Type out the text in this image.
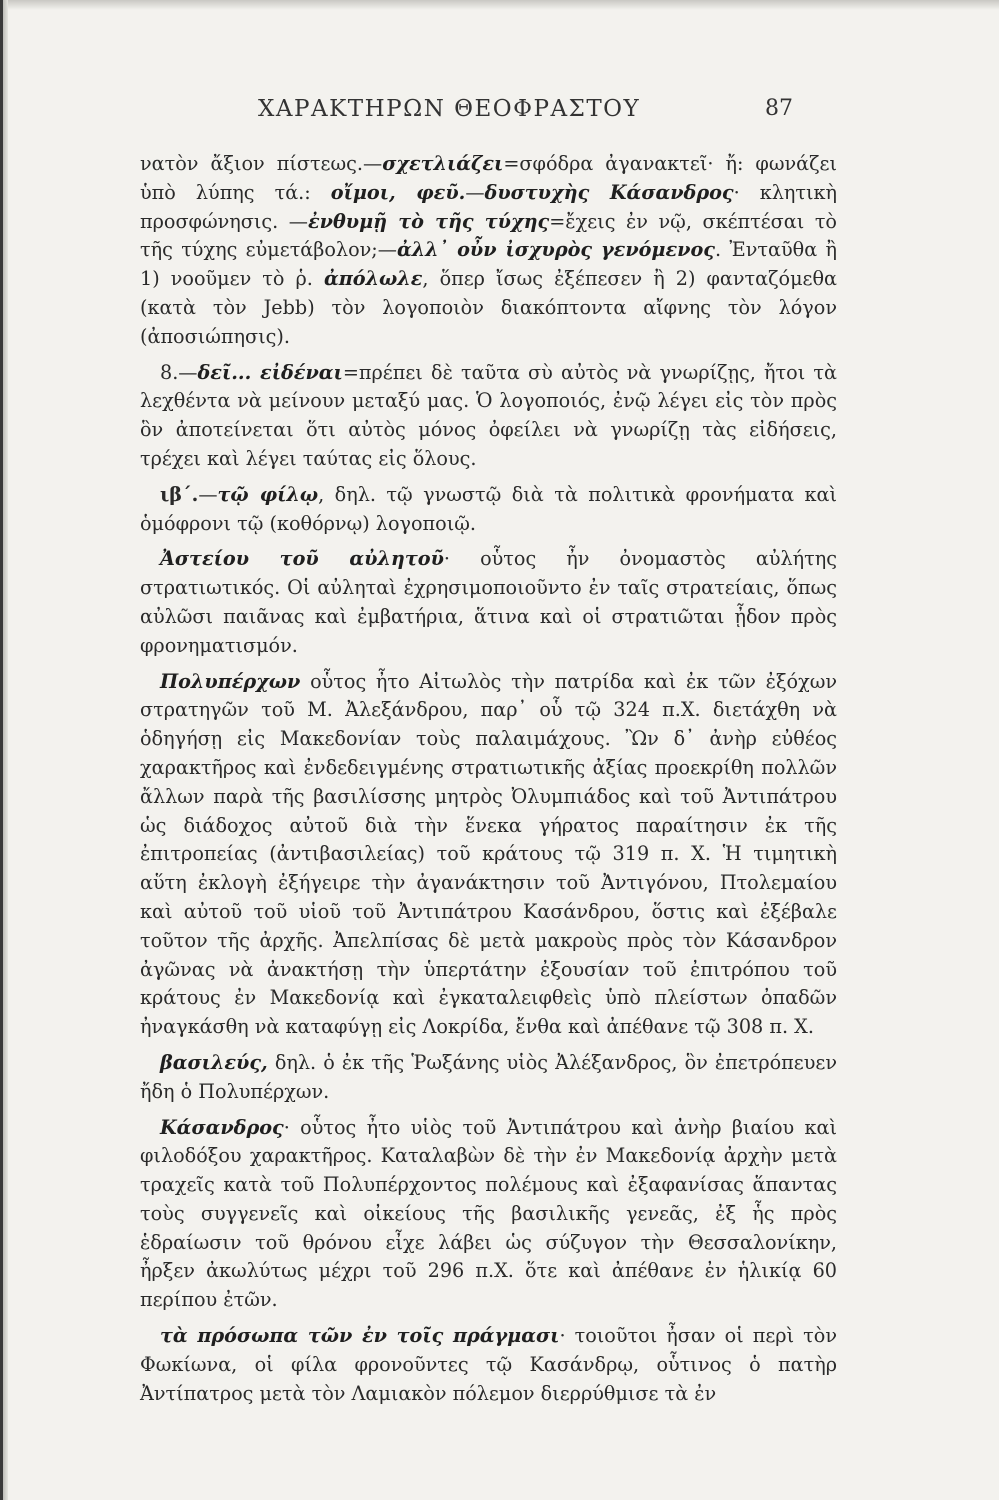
ΧΑΡΑΚΤΗΡΩΝ ΘΕΟΦΡΑΣΤΟΥ	87

νατὸν ἄξιον πίστεως.—σχετλιάζει=σφόδρα ἀγανακτεῖ· ἤ: φωνάζει ὑπὸ λύπης τά.: οἴμοι, φεῦ.—δυστυχὴς Κάσανδρος· κλητικὴ προσφώνησις. —ἐνθυμῇ τὸ τῆς τύχης=ἔχεις ἐν νῷ, σκέπτέσαι τὸ τῆς τύχης εὐμετάβολον;—ἀλλ᾽ οὖν ἰσχυρὸς γενόμενος. Ἐνταῦθα ἢ 1) νοοῦμεν τὸ ῥ. ἀπόλωλε, ὅπερ ἴσως ἐξέπεσεν ἢ 2) φανταζόμεθα (κατὰ τὸν Jebb) τὸν λογοποιὸν διακόπτοντα αἴφνης τὸν λόγον (ἀποσιώπησις).

8.—δεῖ... εἰδέναι=πρέπει δὲ ταῦτα σὺ αὐτὸς νὰ γνωρίζῃς, ἤτοι τὰ λεχθέντα νὰ μείνουν μεταξύ μας. Ὁ λογοποιός, ἐνῷ λέγει εἰς τὸν πρὸς ὃν ἀποτείνεται ὅτι αὐτὸς μόνος ὀφείλει νὰ γνωρίζῃ τὰς εἰδήσεις, τρέχει καὶ λέγει ταύτας εἰς ὅλους.

ιβ΄.—τῷ φίλῳ, δηλ. τῷ γνωστῷ διὰ τὰ πολιτικὰ φρονήματα καὶ ὁμόφρονι τῷ (κοθόρνῳ) λογοποιῷ.

Ἀστείου τοῦ αὐλητοῦ· οὗτος ἦν ὀνομαστὸς αὐλήτης στρατιωτικός. Οἱ αὐληταὶ ἐχρησιμοποιοῦντο ἐν ταῖς στρατείαις, ὅπως αὐλῶσι παιᾶνας καὶ ἐμβατήρια, ἅτινα καὶ οἱ στρατιῶται ᾖδον πρὸς φρονηματισμόν.

Πολυπέρχων οὗτος ἦτο Αἰτωλὸς τὴν πατρίδα καὶ ἐκ τῶν ἐξόχων στρατηγῶν τοῦ Μ. Ἀλεξάνδρου, παρ᾽ οὗ τῷ 324 π.Χ. διετάχθη νὰ ὁδηγήσῃ εἰς Μακεδονίαν τοὺς παλαιμάχους. Ὢν δ᾽ ἀνὴρ εὐθέος χαρακτῆρος καὶ ἐνδεδειγμένης στρατιωτικῆς ἀξίας προεκρίθη πολλῶν ἄλλων παρὰ τῆς βασιλίσσης μητρὸς Ὀλυμπιάδος καὶ τοῦ Ἀντιπάτρου ὡς διάδοχος αὐτοῦ διὰ τὴν ἕνεκα γήρατος παραίτησιν ἐκ τῆς ἐπιτροπείας (ἀντιβασιλείας) τοῦ κράτους τῷ 319 π. Χ. Ἡ τιμητικὴ αὕτη ἐκλογὴ ἐξήγειρε τὴν ἀγανάκτησιν τοῦ Ἀντιγόνου, Πτολεμαίου καὶ αὐτοῦ τοῦ υἱοῦ τοῦ Ἀντιπάτρου Κασάνδρου, ὅστις καὶ ἐξέβαλε τοῦτον τῆς ἀρχῆς. Ἀπελπίσας δὲ μετὰ μακροὺς πρὸς τὸν Κάσανδρον ἀγῶνας νὰ ἀνακτήσῃ τὴν ὑπερτάτην ἐξουσίαν τοῦ ἐπιτρόπου τοῦ κράτους ἐν Μακεδονίᾳ καὶ ἐγκαταλειφθεὶς ὑπὸ πλείστων ὀπαδῶν ἠναγκάσθη νὰ καταφύγῃ εἰς Λοκρίδα, ἔνθα καὶ ἀπέθανε τῷ 308 π. Χ.

βασιλεύς, δηλ. ὁ ἐκ τῆς Ῥωξάνης υἱὸς Ἀλέξανδρος, ὃν ἐπετρόπευεν ἤδη ὁ Πολυπέρχων.

Κάσανδρος· οὗτος ἦτο υἱὸς τοῦ Ἀντιπάτρου καὶ ἀνὴρ βιαίου καὶ φιλοδόξου χαρακτῆρος. Καταλαβὼν δὲ τὴν ἐν Μακεδονίᾳ ἀρχὴν μετὰ τραχεῖς κατὰ τοῦ Πολυπέρχοντος πολέμους καὶ ἐξαφανίσας ἅπαντας τοὺς συγγενεῖς καὶ οἰκείους τῆς βασιλικῆς γενεᾶς, ἐξ ἧς πρὸς ἑδραίωσιν τοῦ θρόνου εἶχε λάβει ὡς σύζυγον τὴν Θεσσαλονίκην, ἦρξεν ἀκωλύτως μέχρι τοῦ 296 π.Χ. ὅτε καὶ ἀπέθανε ἐν ἡλικίᾳ 60 περίπου ἐτῶν.

τὰ πρόσωπα τῶν ἐν τοῖς πράγμασι· τοιοῦτοι ἦσαν οἱ περὶ τὸν Φωκίωνα, οἱ φίλα φρονοῦντες τῷ Κασάνδρῳ, οὗτινος ὁ πατὴρ Ἀντίπατρος μετὰ τὸν Λαμιακὸν πόλεμον διερρύθμισε τὰ ἐν
